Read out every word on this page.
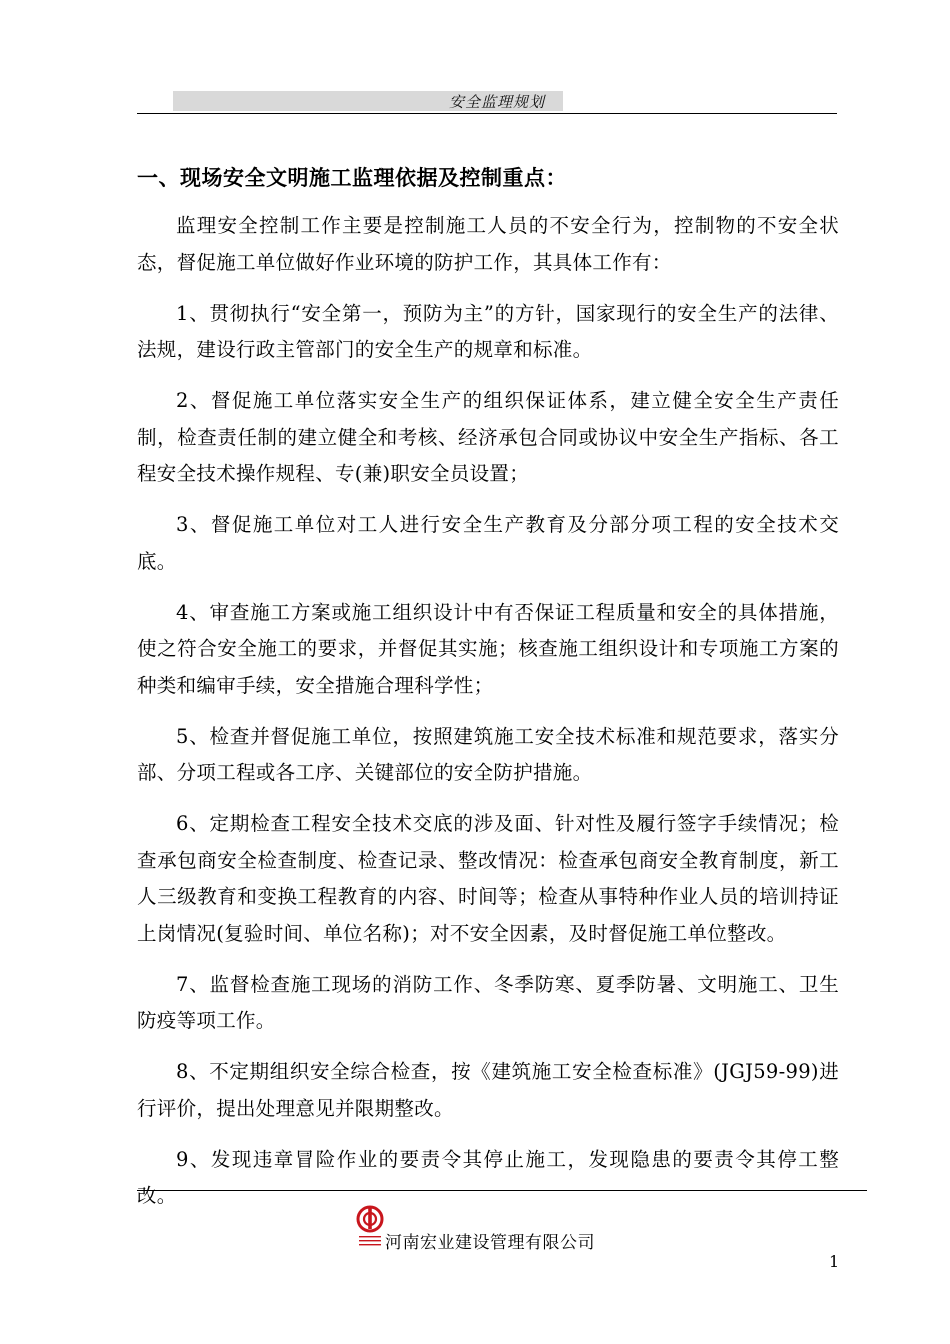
安全监理规划
一、现场安全文明施工监理依据及控制重点：

监理安全控制工作主要是控制施工人员的不安全行为，控制物的不安全状态，督促施工单位做好作业环境的防护工作，其具体工作有：

1、贯彻执行“安全第一，预防为主”的方针，国家现行的安全生产的法律、法规，建设行政主管部门的安全生产的规章和标准。

2、督促施工单位落实安全生产的组织保证体系，建立健全安全生产责任制，检查责任制的建立健全和考核、经济承包合同或协议中安全生产指标、各工程安全技术操作规程、专(兼)职安全员设置；

3、督促施工单位对工人进行安全生产教育及分部分项工程的安全技术交底。

4、审查施工方案或施工组织设计中有否保证工程质量和安全的具体措施，使之符合安全施工的要求，并督促其实施；核查施工组织设计和专项施工方案的种类和编审手续，安全措施合理科学性；

5、检查并督促施工单位，按照建筑施工安全技术标准和规范要求，落实分部、分项工程或各工序、关键部位的安全防护措施。

6、定期检查工程安全技术交底的涉及面、针对性及履行签字手续情况；检查承包商安全检查制度、检查记录、整改情况：检查承包商安全教育制度，新工人三级教育和变换工程教育的内容、时间等；检查从事特种作业人员的培训持证上岗情况(复验时间、单位名称)；对不安全因素，及时督促施工单位整改。

7、监督检查施工现场的消防工作、冬季防寒、夏季防暑、文明施工、卫生防疫等项工作。

8、不定期组织安全综合检查，按《建筑施工安全检查标准》(JGJ59-99)进行评价，提出处理意见并限期整改。

9、发现违章冒险作业的要责令其停止施工，发现隐患的要责令其停工整改。

河南宏业建设管理有限公司
1
